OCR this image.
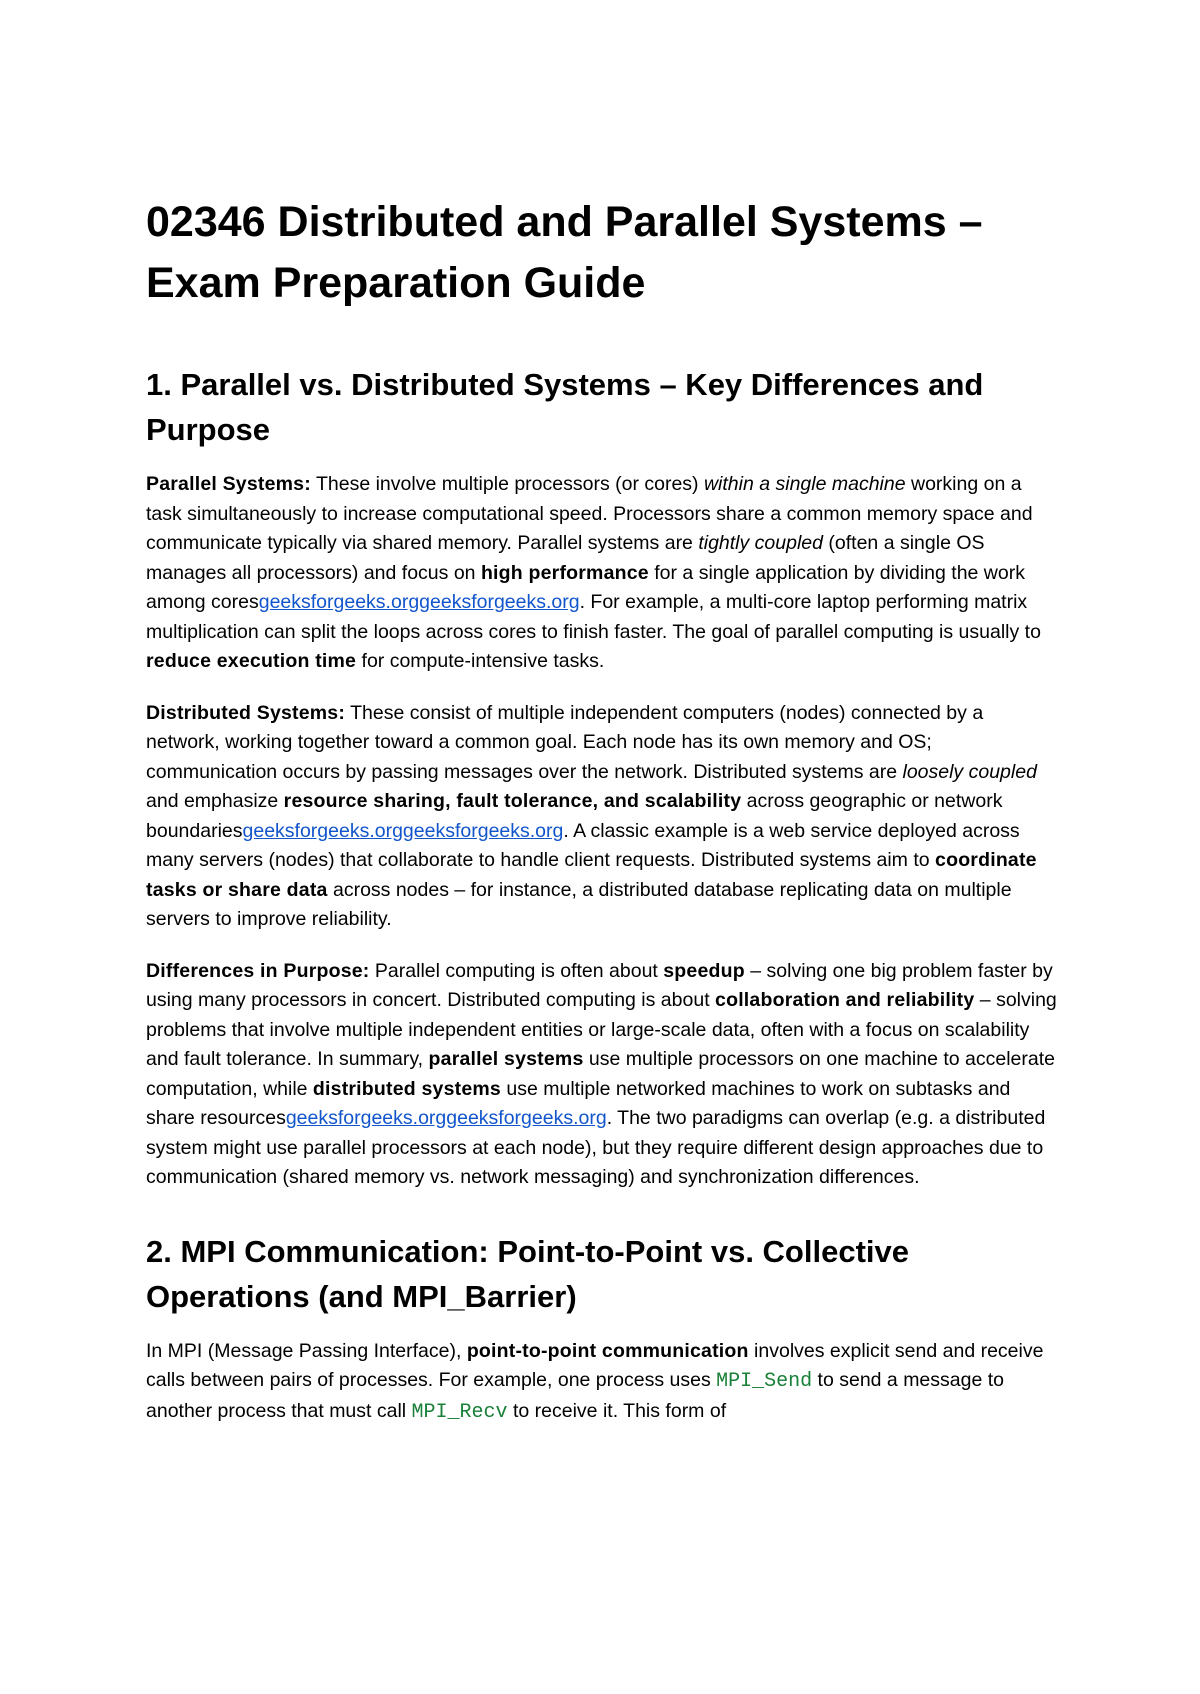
02346 Distributed and Parallel Systems – Exam Preparation Guide
1. Parallel vs. Distributed Systems – Key Differences and Purpose

Parallel Systems: These involve multiple processors (or cores) within a single machine working on a task simultaneously to increase computational speed. Processors share a common memory space and communicate typically via shared memory. Parallel systems are tightly coupled (often a single OS manages all processors) and focus on high performance for a single application by dividing the work among coresgeeksforgeeks.orggeeksforgeeks.org. For example, a multi-core laptop performing matrix multiplication can split the loops across cores to finish faster. The goal of parallel computing is usually to reduce execution time for compute-intensive tasks.

Distributed Systems: These consist of multiple independent computers (nodes) connected by a network, working together toward a common goal. Each node has its own memory and OS; communication occurs by passing messages over the network. Distributed systems are loosely coupled and emphasize resource sharing, fault tolerance, and scalability across geographic or network boundariesgeeksforgeeks.orggeeksforgeeks.org. A classic example is a web service deployed across many servers (nodes) that collaborate to handle client requests. Distributed systems aim to coordinate tasks or share data across nodes – for instance, a distributed database replicating data on multiple servers to improve reliability.

Differences in Purpose: Parallel computing is often about speedup – solving one big problem faster by using many processors in concert. Distributed computing is about collaboration and reliability – solving problems that involve multiple independent entities or large-scale data, often with a focus on scalability and fault tolerance. In summary, parallel systems use multiple processors on one machine to accelerate computation, while distributed systems use multiple networked machines to work on subtasks and share resourcesgeeksforgeeks.orggeeksforgeeks.org. The two paradigms can overlap (e.g. a distributed system might use parallel processors at each node), but they require different design approaches due to communication (shared memory vs. network messaging) and synchronization differences.

2. MPI Communication: Point-to-Point vs. Collective Operations (and MPI_Barrier)

In MPI (Message Passing Interface), point-to-point communication involves explicit send and receive calls between pairs of processes. For example, one process uses MPI_Send to send a message to another process that must call MPI_Recv to receive it. This form of
